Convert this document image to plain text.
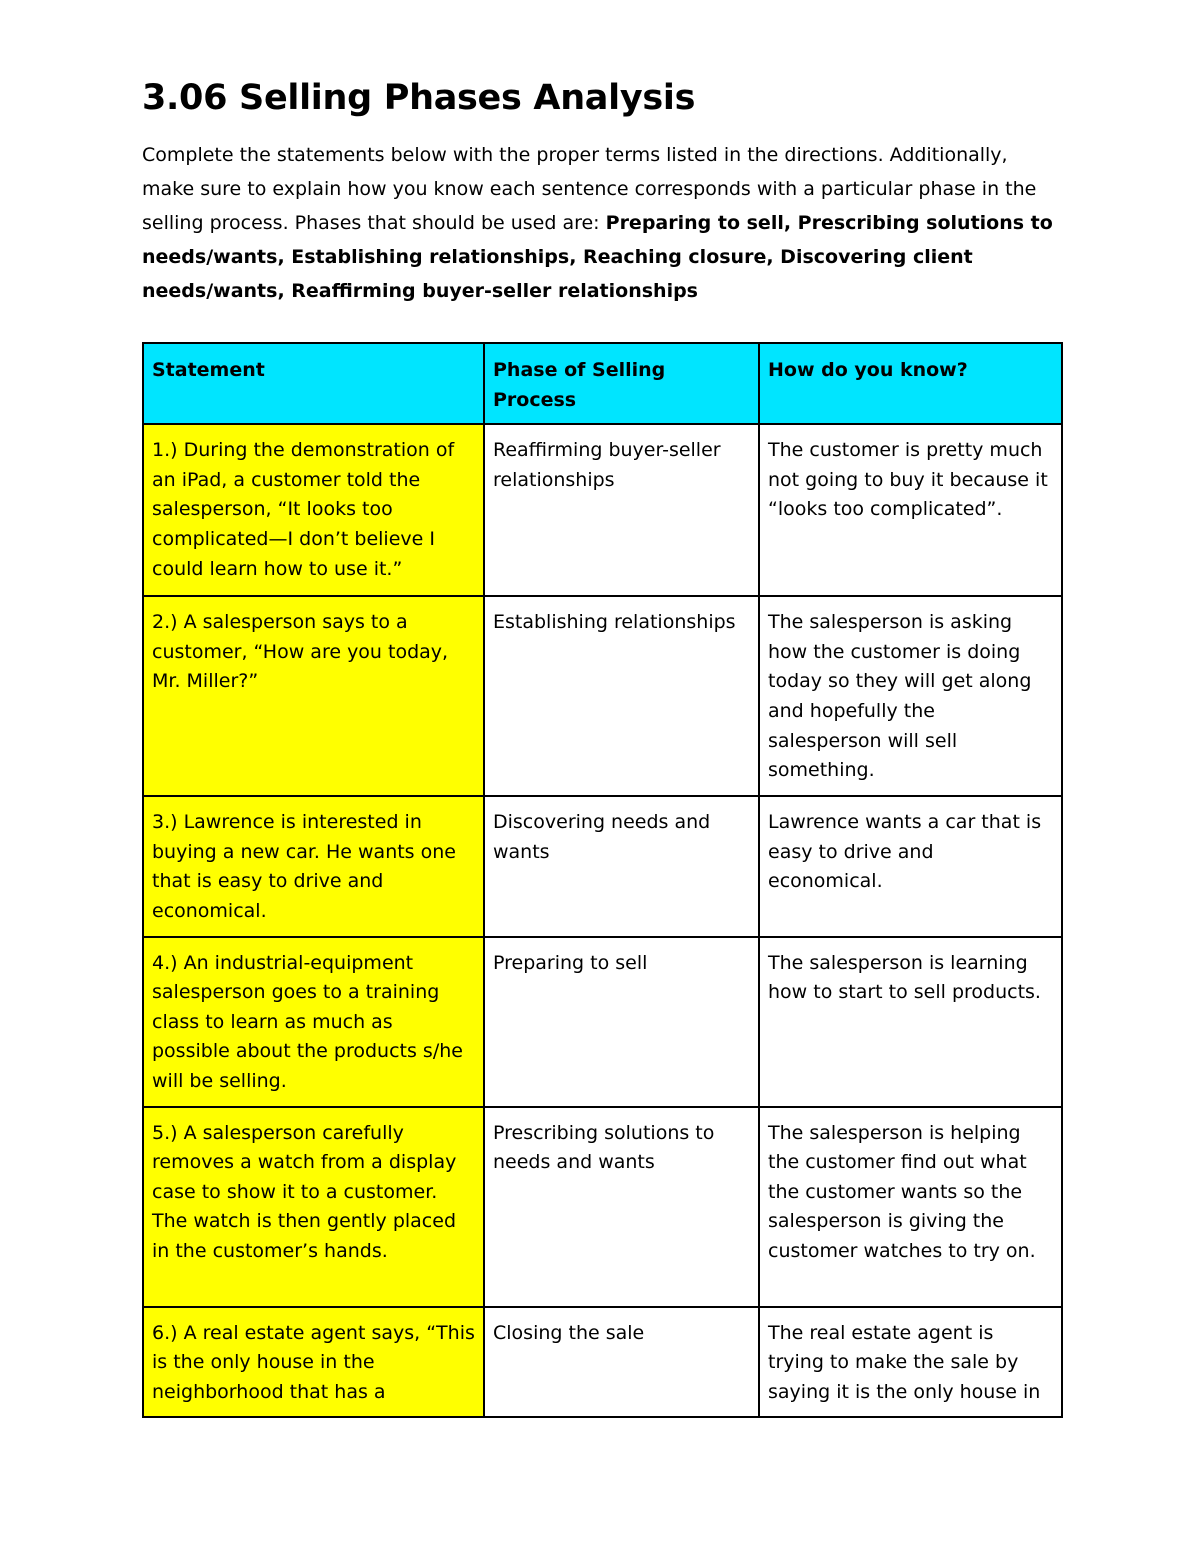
3.06 Selling Phases Analysis

Complete the statements below with the proper terms listed in the directions. Additionally, make sure to explain how you know each sentence corresponds with a particular phase in the selling process. Phases that should be used are: Preparing to sell, Prescribing solutions to needs/wants, Establishing relationships, Reaching closure, Discovering client needs/wants, Reaffirming buyer-seller relationships

Statement	Phase of Selling Process	How do you know?
1.) During the demonstration of an iPad, a customer told the salesperson, “It looks too complicated—I don’t believe I could learn how to use it.”	Reaffirming buyer-seller relationships	The customer is pretty much not going to buy it because it “looks too complicated”.
2.) A salesperson says to a customer, “How are you today, Mr. Miller?”	Establishing relationships	The salesperson is asking how the customer is doing today so they will get along and hopefully the salesperson will sell something.
3.) Lawrence is interested in buying a new car. He wants one that is easy to drive and economical.	Discovering needs and wants	Lawrence wants a car that is easy to drive and economical.
4.) An industrial-equipment salesperson goes to a training class to learn as much as possible about the products s/he will be selling.	Preparing to sell	The salesperson is learning how to start to sell products.
5.) A salesperson carefully removes a watch from a display case to show it to a customer. The watch is then gently placed in the customer’s hands.	Prescribing solutions to needs and wants	The salesperson is helping the customer find out what the customer wants so the salesperson is giving the customer watches to try on.
6.) A real estate agent says, “This is the only house in the neighborhood that has a	Closing the sale	The real estate agent is trying to make the sale by saying it is the only house in
